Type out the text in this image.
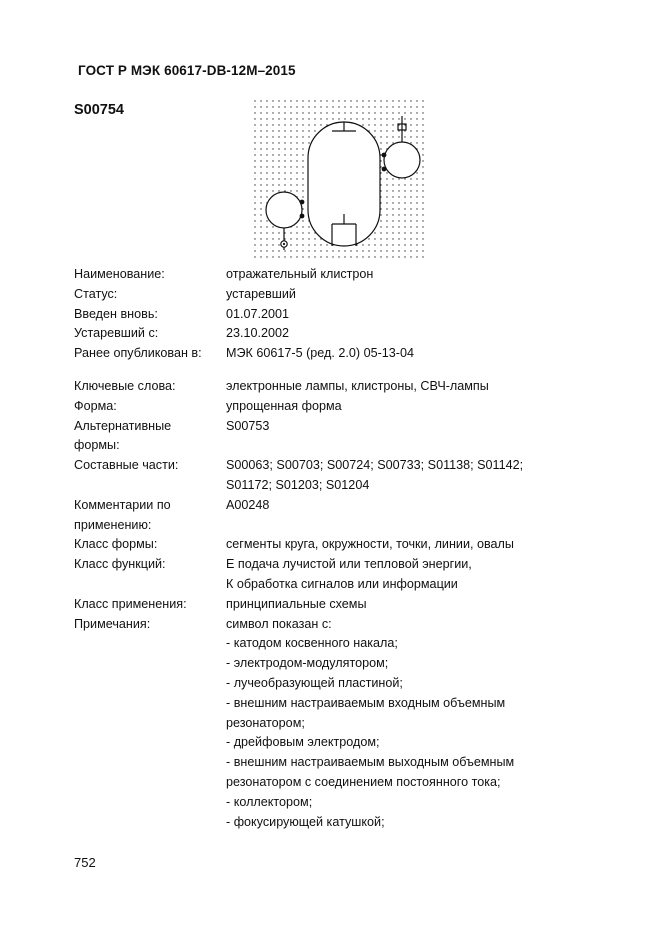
ГОСТ Р МЭК 60617-DB-12M–2015
S00754
Наименование:	отражательный клистрон
Статус:	устаревший
Введен вновь:	01.07.2001
Устаревший с:	23.10.2002
Ранее опубликован в:	МЭК 60617-5 (ред. 2.0) 05-13-04
Ключевые слова:	электронные лампы, клистроны, СВЧ-лампы
Форма:	упрощенная форма
Альтернативные
формы:
S00753
Составные части:	S00063; S00703; S00724; S00733; S01138; S01142;
S01172; S01203; S01204
Комментарии по
применению:
A00248
Класс формы:	сегменты круга, окружности, точки, линии, овалы
Класс функций:	Е подача лучистой или тепловой энергии,
К обработка сигналов или информации
Класс применения:	принципиальные схемы
Примечания:	символ показан с:
- катодом косвенного накала;
- электродом-модулятором;
- лучеобразующей пластиной;
- внешним настраиваемым входным объемным
резонатором;
- дрейфовым электродом;
- внешним настраиваемым выходным объемным
резонатором с соединением постоянного тока;
- коллектором;
- фокусирующей катушкой;
752
